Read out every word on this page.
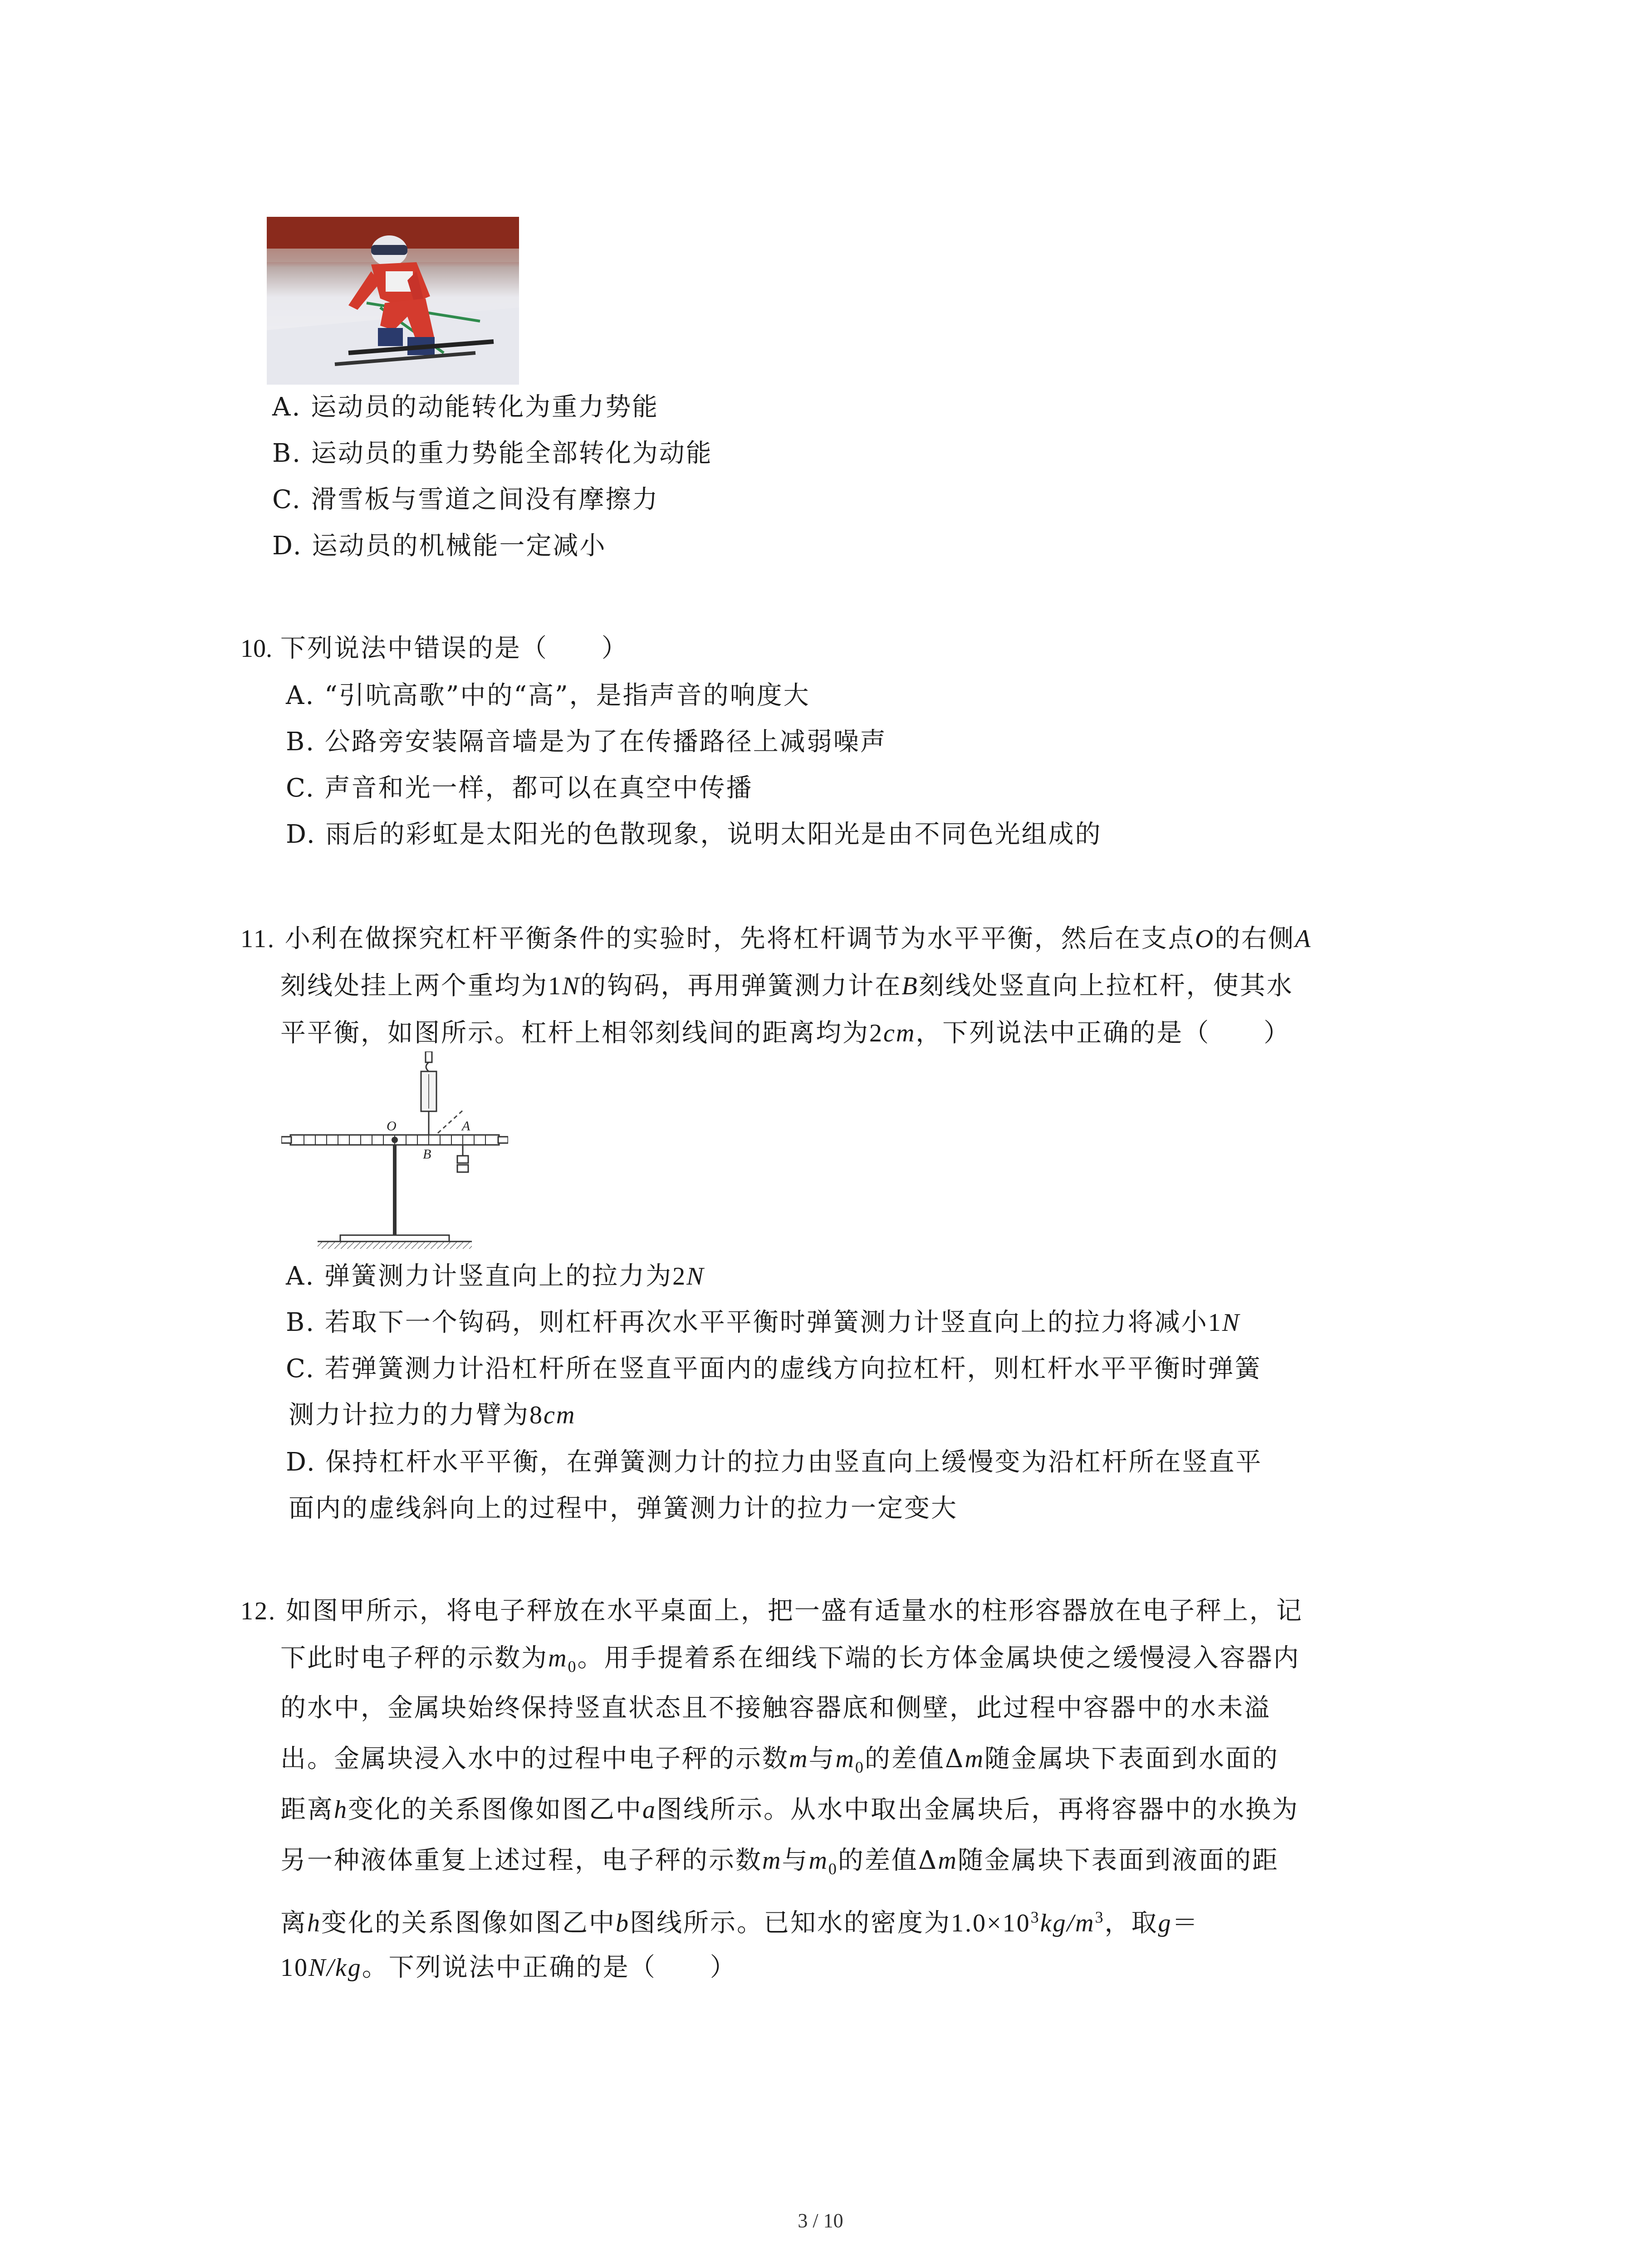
A. 运动员的动能转化为重力势能
B. 运动员的重力势能全部转化为动能
C. 滑雪板与雪道之间没有摩擦力
D. 运动员的机械能一定减小
10. 下列说法中错误的是（　　）
A. “引吭高歌”中的“高”，是指声音的响度大
B. 公路旁安装隔音墙是为了在传播路径上减弱噪声
C. 声音和光一样，都可以在真空中传播
D. 雨后的彩虹是太阳光的色散现象，说明太阳光是由不同色光组成的
11. 小利在做探究杠杆平衡条件的实验时，先将杠杆调节为水平平衡，然后在支点O的右侧A
刻线处挂上两个重均为1N的钩码，再用弹簧测力计在B刻线处竖直向上拉杠杆，使其水
平平衡，如图所示。杠杆上相邻刻线间的距离均为2cm，下列说法中正确的是（　　）
O	A
B
A. 弹簧测力计竖直向上的拉力为2N
B. 若取下一个钩码，则杠杆再次水平平衡时弹簧测力计竖直向上的拉力将减小1N
C. 若弹簧测力计沿杠杆所在竖直平面内的虚线方向拉杠杆，则杠杆水平平衡时弹簧
测力计拉力的力臂为8cm
D. 保持杠杆水平平衡，在弹簧测力计的拉力由竖直向上缓慢变为沿杠杆所在竖直平
面内的虚线斜向上的过程中，弹簧测力计的拉力一定变大
12. 如图甲所示，将电子秤放在水平桌面上，把一盛有适量水的柱形容器放在电子秤上，记
下此时电子秤的示数为$m_0$。用手提着系在细线下端的长方体金属块使之缓慢浸入容器内
的水中，金属块始终保持竖直状态且不接触容器底和侧壁，此过程中容器中的水未溢
出。金属块浸入水中的过程中电子秤的示数m与$m_0$的差值Δm随金属块下表面到水面的
距离h变化的关系图像如图乙中a图线所示。从水中取出金属块后，再将容器中的水换为
另一种液体重复上述过程，电子秤的示数m与$m_0$的差值Δm随金属块下表面到液面的距
离h变化的关系图像如图乙中b图线所示。已知水的密度为$1.0\times 10^3kg/m^3$，取g＝
10N/kg。下列说法中正确的是（　　）
3 / 10
